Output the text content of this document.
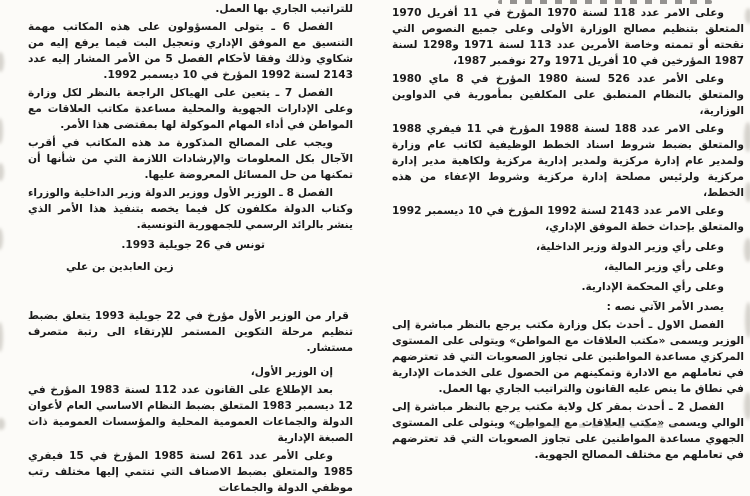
للتراتيب الجاري بها العمل.

الفصل 6 ـ يتولى المسؤولون على هذه المكاتب مهمة التنسيق مع الموفق الإداري وتعجيل البت فيما يرفع إليه من شكاوي وذلك وفقا لأحكام الفصل 5 من الأمر المشار إليه عدد 2143 لسنة 1992 المؤرخ في 10 ديسمبر 1992.

الفصل 7 ـ يتعين على الهياكل الراجعة بالنظر لكل وزارة وعلى الإدارات الجهوية والمحلية مساعدة مكاتب العلاقات مع المواطن في أداء المهام الموكولة لها بمقتضى هذا الأمر.

ويجب على المصالح المذكورة مد هذه المكاتب في أقرب الآجال بكل المعلومات والإرشادات اللازمة التي من شأنها أن تمكنها من حل المسائل المعروضة عليها.

الفصل 8 ـ الوزير الأول ووزير الدولة وزير الداخلية والوزراء وكتاب الدولة مكلفون كل فيما يخصه بتنفيذ هذا الأمر الذي ينشر بالرائد الرسمي للجمهورية التونسية.

تونس في 26 جويلية 1993.

زين العابدين بن علي

قرار من الوزير الأول مؤرخ في 22 جويلية 1993 يتعلق بضبط تنظيم مرحلة التكوين المستمر للإرتقاء الى رتبة متصرف مستشار.

إن الوزير الأول،

بعد الإطلاع على القانون عدد 112 لسنة 1983 المؤرخ في 12 ديسمبر 1983 المتعلق بضبط النظام الاساسي العام لأعوان الدولة والجماعات العمومية المحلية والمؤسسات العمومية ذات الصبغة الإدارية

وعلى الأمر عدد 261 لسنة 1985 المؤرخ في 15 فيفري 1985 والمتعلق بضبط الاصناف التي تنتمي إليها مختلف رتب موظفي الدولة والجماعات

وعلى الامر عدد 118 لسنة 1970 المؤرخ في 11 أفريل 1970 المتعلق بتنظيم مصالح الوزارة الأولى وعلى جميع النصوص التي نقحته أو تممته وخاصة الأمرين عدد 113 لسنة 1971 و1298 لسنة 1987 المؤرخين في 10 أفريل 1971 و27 نوفمبر 1987،

وعلى الأمر عدد 526 لسنة 1980 المؤرخ في 8 ماي 1980 والمتعلق بالنظام المنطبق على المكلفين بمأمورية في الدواوين الوزارية،

وعلى الامر عدد 188 لسنة 1988 المؤرخ في 11 فيفري 1988 والمتعلق بضبط شروط اسناد الخطط الوظيفية لكاتب عام وزارة ولمدير عام إدارة مركزية ولمدير إدارية مركزية ولكاهية مدير إدارة مركزية ولرئيس مصلحة إدارة مركزية وشروط الإعفاء من هذه الخطط،

وعلى الامر عدد 2143 لسنة 1992 المؤرخ في 10 ديسمبر 1992 والمتعلق بإحداث خطة الموفق الإداري،

وعلى رأي وزير الدولة وزير الداخلية،

وعلى رأي وزير المالية،

وعلى رأي المحكمة الإدارية.

يصدر الأمر الآتي نصه :

الفصل الاول ـ أحدث بكل وزارة مكتب يرجع بالنظر مباشرة إلى الوزير ويسمى «مكتب العلاقات مع المواطن» ويتولى على المستوى المركزي مساعدة المواطنين على تجاوز الصعوبات التي قد تعترضهم في تعاملهم مع الادارة وتمكينهم من الحصول على الخدمات الإدارية في نطاق ما ينص عليه القانون والتراتيب الجاري بها العمل.

الفصل 2 ـ أحدث بمقر كل ولاية مكتب يرجع بالنظر مباشرة إلى الوالي ويسمى «مكتب العلاقات مع المواطن» ويتولى على المستوى الجهوي مساعدة المواطنين على تجاوز الصعوبات التي قد تعترضهم في تعاملهم مع مختلف المصالح الجهوية.
